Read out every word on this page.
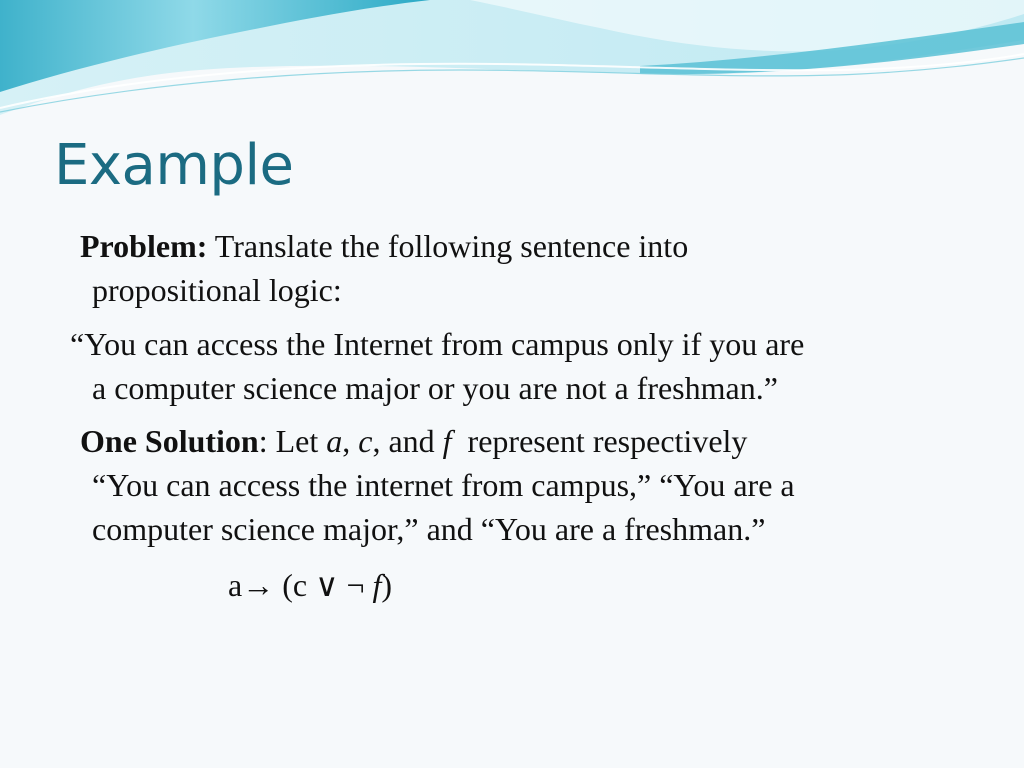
Example

Problem: Translate the following sentence into
propositional logic:

“You can access the Internet from campus only if you are
a computer science major or you are not a freshman.”

One Solution: Let a, c, and f  represent respectively
“You can access the internet from campus,” “You are a
computer science major,” and “You are a freshman.”

a→ (c ∨ ¬ f)
